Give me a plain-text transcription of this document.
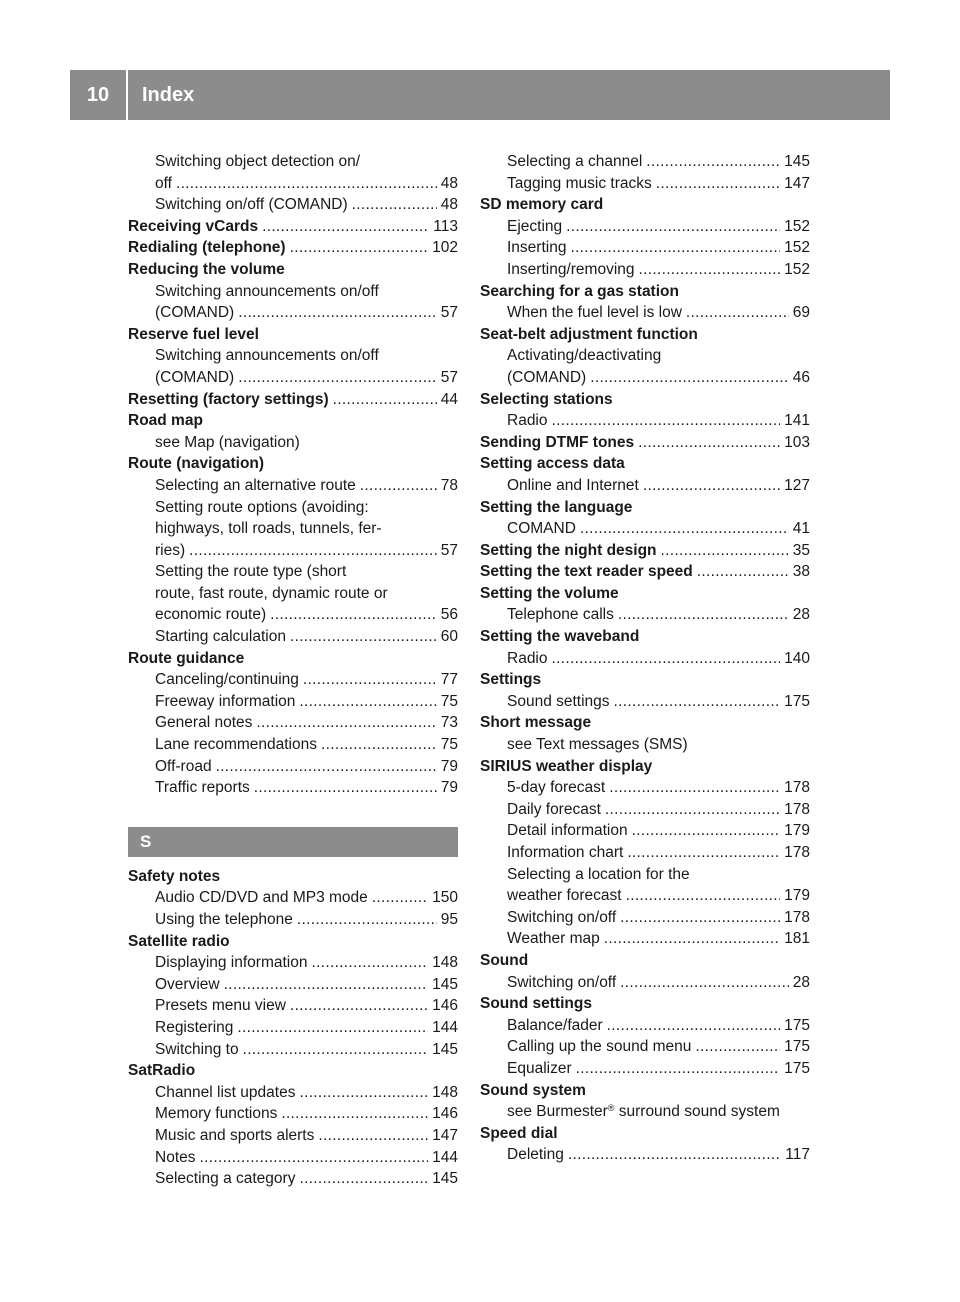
10	Index
Switching object detection on/
off . . .	48
Switching on/off (COMAND) . . .	48
Receiving vCards . . .	113
Redialing (telephone) . . .	102
Reducing the volume
Switching announcements on/off
(COMAND) . . .	57
Reserve fuel level
Switching announcements on/off
(COMAND) . . .	57
Resetting (factory settings) . . .	44
Road map
see Map (navigation)
Route (navigation)
Selecting an alternative route . . .	78
Setting route options (avoiding:
highways, toll roads, tunnels, fer-
ries) . . .	57
Setting the route type (short
route, fast route, dynamic route or
economic route) . . .	56
Starting calculation . . .	60
Route guidance
Canceling/continuing . . .	77
Freeway information . . .	75
General notes . . .	73
Lane recommendations . . .	75
Off-road . . .	79
Traffic reports . . .	79
S
Safety notes
Audio CD/DVD and MP3 mode . . .	150
Using the telephone . . .	95
Satellite radio
Displaying information . . .	148
Overview . . .	145
Presets menu view . . .	146
Registering . . .	144
Switching to . . .	145
SatRadio
Channel list updates . . .	148
Memory functions . . .	146
Music and sports alerts . . .	147
Notes . . .	144
Selecting a category . . .	145
Selecting a channel . . .	145
Tagging music tracks . . .	147
SD memory card
Ejecting . . .	152
Inserting . . .	152
Inserting/removing . . .	152
Searching for a gas station
When the fuel level is low . . .	69
Seat-belt adjustment function
Activating/deactivating
(COMAND) . . .	46
Selecting stations
Radio . . .	141
Sending DTMF tones . . .	103
Setting access data
Online and Internet . . .	127
Setting the language
COMAND . . .	41
Setting the night design . . .	35
Setting the text reader speed . . .	38
Setting the volume
Telephone calls . . .	28
Setting the waveband
Radio . . .	140
Settings
Sound settings . . .	175
Short message
see Text messages (SMS)
SIRIUS weather display
5-day forecast . . .	178
Daily forecast . . .	178
Detail information . . .	179
Information chart . . .	178
Selecting a location for the
weather forecast . . .	179
Switching on/off . . .	178
Weather map . . .	181
Sound
Switching on/off . . .	28
Sound settings
Balance/fader . . .	175
Calling up the sound menu . . .	175
Equalizer . . .	175
Sound system
see Burmester® surround sound system
Speed dial
Deleting . . .	117
